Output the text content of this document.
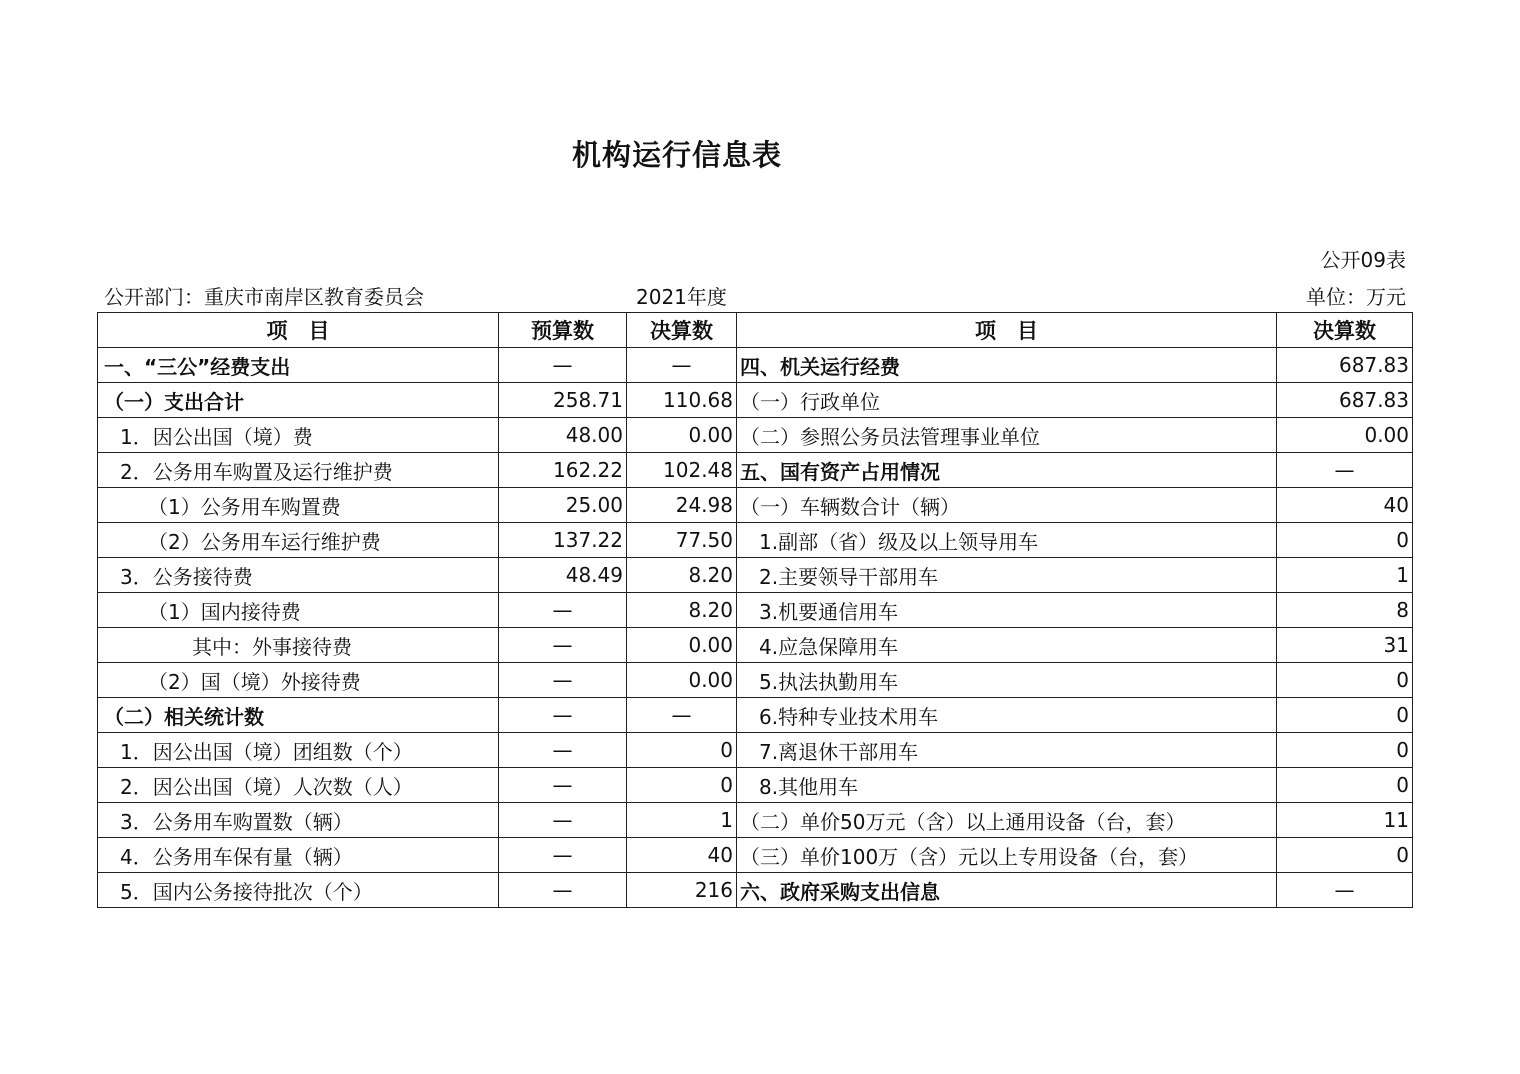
机构运行信息表
公开09表
公开部门：重庆市南岸区教育委员会	2021年度	单位：万元
项　目	预算数	决算数	项　目	决算数
一、“三公”经费支出	—	—	四、机关运行经费	687.83
（一）支出合计	258.71	110.68	（一）行政单位	687.83
1．因公出国（境）费	48.00	0.00	（二）参照公务员法管理事业单位	0.00
2．公务用车购置及运行维护费	162.22	102.48	五、国有资产占用情况	—
（1）公务用车购置费	25.00	24.98	（一）车辆数合计（辆）	40
（2）公务用车运行维护费	137.22	77.50	1.副部（省）级及以上领导用车	0
3．公务接待费	48.49	8.20	2.主要领导干部用车	1
（1）国内接待费	—	8.20	3.机要通信用车	8
其中：外事接待费	—	0.00	4.应急保障用车	31
（2）国（境）外接待费	—	0.00	5.执法执勤用车	0
（二）相关统计数	—	—	6.特种专业技术用车	0
1．因公出国（境）团组数（个）	—	0	7.离退休干部用车	0
2．因公出国（境）人次数（人）	—	0	8.其他用车	0
3．公务用车购置数（辆）	—	1	（二）单价50万元（含）以上通用设备（台，套）	11
4．公务用车保有量（辆）	—	40	（三）单价100万（含）元以上专用设备（台，套）	0
5．国内公务接待批次（个）	—	216	六、政府采购支出信息	—
